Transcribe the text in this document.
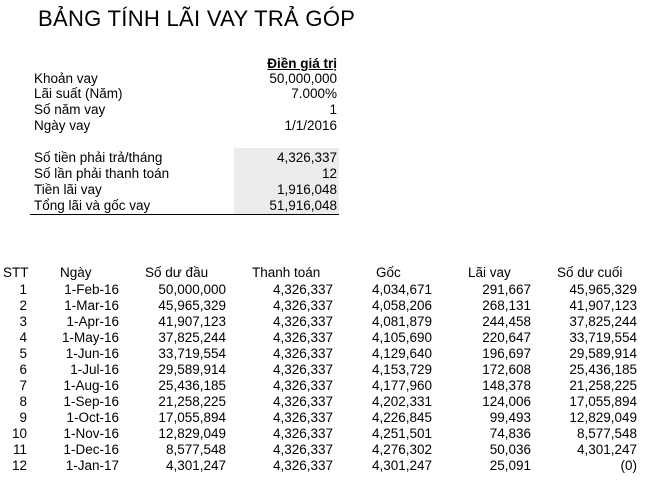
BẢNG TÍNH LÃI VAY TRẢ GÓP
Điền giá trị
Khoản vay	50,000,000
Lãi suất (Năm)	7.000%
Số năm vay	1
Ngày vay	1/1/2016
Số tiền phải trả/tháng	4,326,337
Số lần phải thanh toán	12
Tiền lãi vay	1,916,048
Tổng lãi và gốc vay	51,916,048
STT Ngày	Số dư đầu	Thanh toán	Gốc	Lãi vay	Số dư cuối
1	1-Feb-16	50,000,000	4,326,337	4,034,671	291,667	45,965,329
2	1-Mar-16	45,965,329	4,326,337	4,058,206	268,131	41,907,123
3	1-Apr-16	41,907,123	4,326,337	4,081,879	244,458	37,825,244
4	1-May-16	37,825,244	4,326,337	4,105,690	220,647	33,719,554
5	1-Jun-16	33,719,554	4,326,337	4,129,640	196,697	29,589,914
6	1-Jul-16	29,589,914	4,326,337	4,153,729	172,608	25,436,185
7	1-Aug-16	25,436,185	4,326,337	4,177,960	148,378	21,258,225
8	1-Sep-16	21,258,225	4,326,337	4,202,331	124,006	17,055,894
9	1-Oct-16	17,055,894	4,326,337	4,226,845	99,493	12,829,049
10	1-Nov-16	12,829,049	4,326,337	4,251,501	74,836	8,577,548
11	1-Dec-16	8,577,548	4,326,337	4,276,302	50,036	4,301,247
12	1-Jan-17	4,301,247	4,326,337	4,301,247	25,091	(0)
